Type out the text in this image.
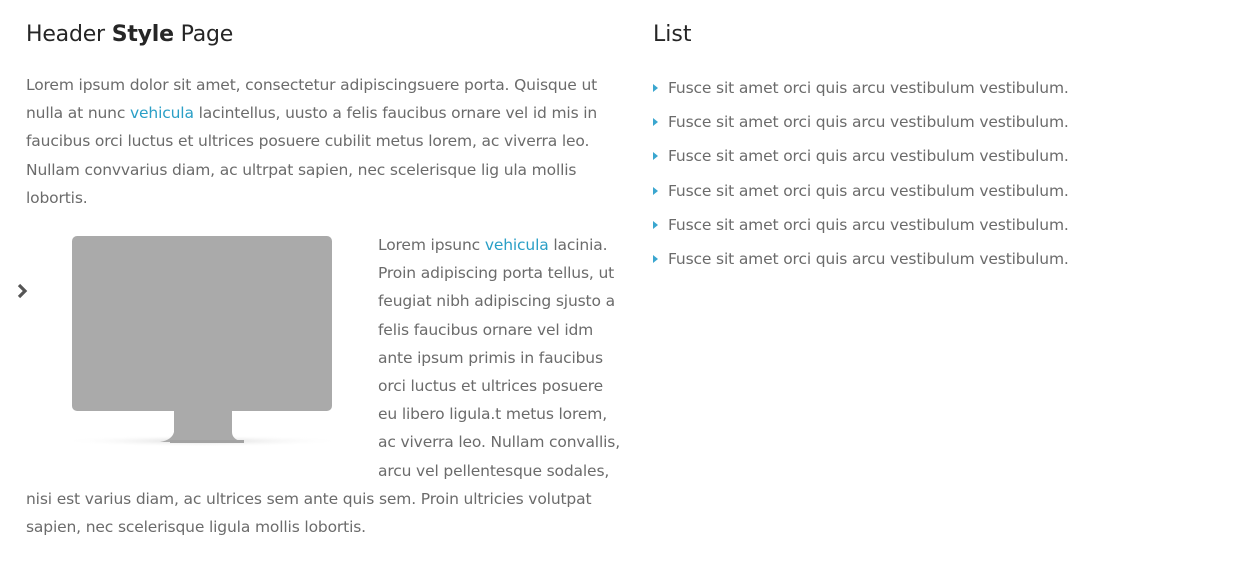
Header Style Page

Lorem ipsum dolor sit amet, consectetur adipiscingsuere porta. Quisque ut nulla at nunc vehicula lacintellus, uusto a felis faucibus ornare vel id mis in faucibus orci luctus et ultrices posuere cubilit metus lorem, ac viverra leo. Nullam convvarius diam, ac ultrpat sapien, nec scelerisque lig ula mollis lobortis.

Lorem ipsunc vehicula lacinia. Proin adipiscing porta tellus, ut feugiat nibh adipiscing sjusto a felis faucibus ornare vel idm ante ipsum primis in faucibus orci luctus et ultrices posuere eu libero ligula.t metus lorem, ac viverra leo. Nullam convallis, arcu vel pellentesque sodales, nisi est varius diam, ac ultrices sem ante quis sem. Proin ultricies volutpat sapien, nec scelerisque ligula mollis lobortis.

List
Fusce sit amet orci quis arcu vestibulum vestibulum.
Fusce sit amet orci quis arcu vestibulum vestibulum.
Fusce sit amet orci quis arcu vestibulum vestibulum.
Fusce sit amet orci quis arcu vestibulum vestibulum.
Fusce sit amet orci quis arcu vestibulum vestibulum.
Fusce sit amet orci quis arcu vestibulum vestibulum.
